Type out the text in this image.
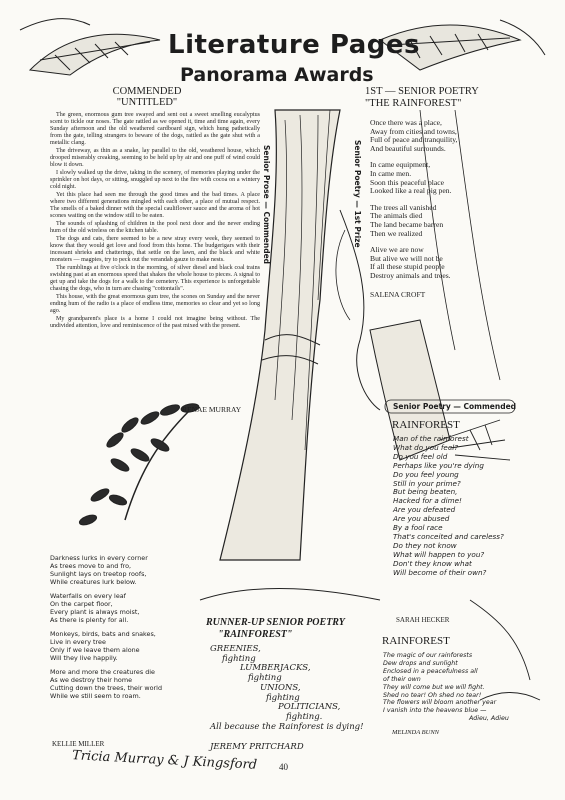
Literature Pages
Panorama Awards
COMMENDED
"UNTITLED"

The green, enormous gum tree swayed and sent out a sweet smelling eucalyptus scent to tickle our noses. The gate rattled as we opened it, time and time again, every Sunday afternoon and the old weathered cardboard sign, which hung pathetically from the gate, telling strangers to beware of the dogs, rattled as the gate shut with a metallic clang.

The driveway, as thin as a snake, lay parallel to the old, weathered house, which drooped miserably creaking, seeming to be held up by air and one puff of wind could blow it down.

I slowly walked up the drive, taking in the scenery, of memories playing under the sprinkler on hot days, or sitting, snuggled up next to the fire with cocoa on a wintery cold night.

Yet this place had seen me through the good times and the bad times. A place where two different generations mingled with each other, a place of mutual respect. The smells of a baked dinner with the special cauliflower sauce and the aroma of hot scones waiting on the window still to be eaten.

The sounds of splashing of children in the pool next door and the never ending hum of the old wireless on the kitchen table.

The dogs and cats, there seemed to be a new stray every week, they seemed to know that they would get love and food from this home. The budgerigars with their incessant shrieks and chatterings, that settle on the lawn, and the black and white monsters — magpies, try to peck out the verandah gauze to make nests.

The rumblings at five o'clock in the morning, of silver diesel and black coal trains swishing past at an enormous speed that shakes the whole house to pieces. A signal to get up and take the dogs for a walk to the cemetery. This experience is unforgettable chasing the dogs, who in turn are chasing "cottontails".

This house, with the great enormous gum tree, the scones on Sunday and the never ending hum of the radio is a place of endless time, memories so clear and yet so long ago.

My grandparent's place is a home I could not imagine being without. The undivided attention, love and reminiscence of the past mixed with the present.

RENAE MURRAY
Senior Prose — Commended
1ST — SENIOR POETRY
"THE RAINFOREST"
Senior Poetry — 1st Prize
Once there was a place,
Away from cities and towns,
Full of peace and tranquility,
And beautiful surrounds.
In came equipment,
In came men.
Soon this peaceful place
Looked like a real pig pen.
The trees all vanished
The animals died
The land became barren
Then we realized
Alive we are now
But alive we will not be
If all these stupid people
Destroy animals and trees.
SALENA CROFT
Senior Poetry — Commended
RAINFOREST
Man of the rainforest
What do you feel?
Do you feel old
Perhaps like you're dying
Do you feel young
Still in your prime?
But being beaten,
Hacked for a dime!
Are you defeated
Are you abused
By a fool race
That's conceited and careless?
Do they not know
What will happen to you?
Don't they know what
Will become of their own?
SARAH HECKER
Darkness lurks in every corner
As trees move to and fro,
Sunlight lays on treetop roofs,
While creatures lurk below.
Waterfalls on every leaf
On the carpet floor,
Every plant is always moist,
As there is plenty for all.
Monkeys, birds, bats and snakes,
Live in every tree
Only if we leave them alone
Will they live happily.
More and more the creatures die
As we destroy their home
Cutting down the trees, their world
While we still seem to roam.
KELLIE MILLER
RUNNER-UP SENIOR POETRY
"RAINFOREST"
GREENIES,
fighting
LUMBERJACKS,
fighting
UNIONS,
fighting
POLITICIANS,
fighting.
All because the Rainforest is dying!
JEREMY PRITCHARD
RAINFOREST
The magic of our rainforests
Dew drops and sunlight
Enclosed in a peacefulness all
of their own
They will come but we will fight.
Shed no tear! Oh shed no tear!
The flowers will bloom another year
I vanish into the heavens blue —
Adieu, Adieu
MELINDA BUNN
Tricia Murray & J Kingsford 40
